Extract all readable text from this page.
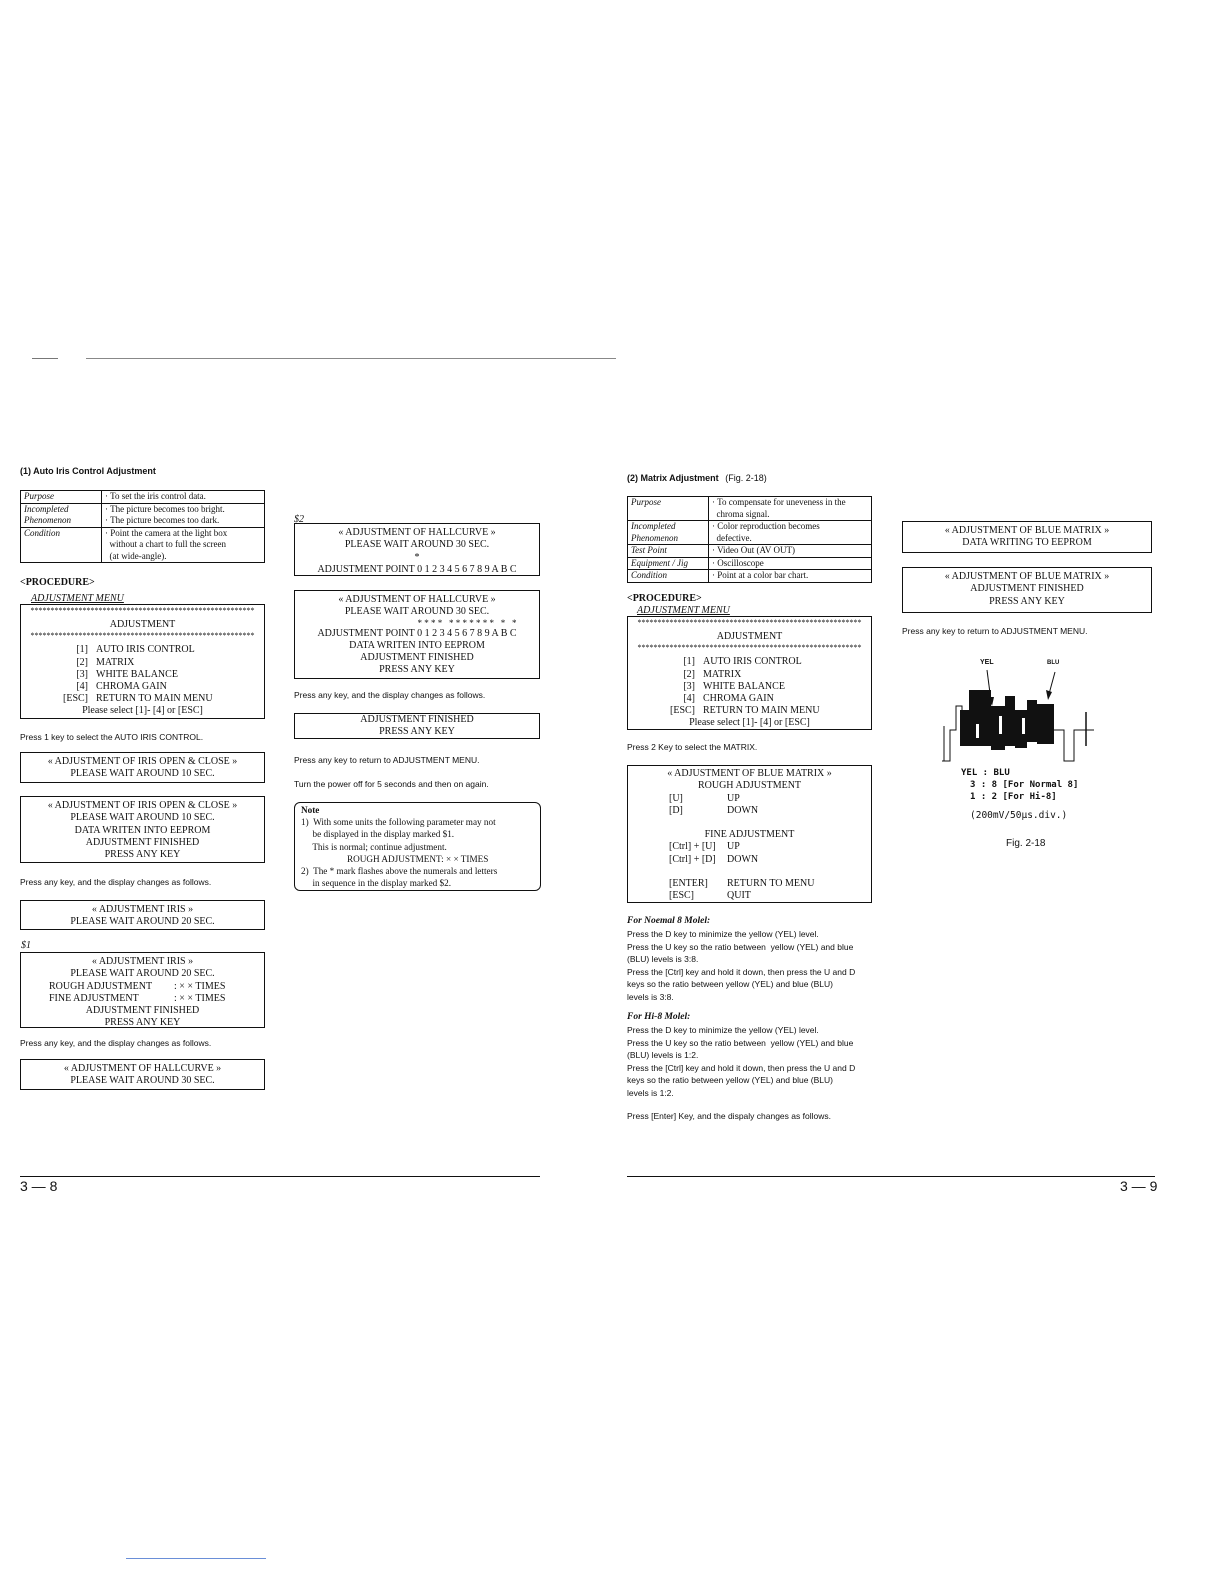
(1) Auto Iris Control Adjustment
Purpose	· To set the iris control data.
Incompleted
Phenomenon	· The picture becomes too bright.
· The picture becomes too dark.
Condition	· Point the camera at the light box
without a chart to full the screen
(at wide-angle).
<PROCEDURE>
ADJUSTMENT MENU
********************************************************
ADJUSTMENT
********************************************************
[1] AUTO IRIS CONTROL
[2] MATRIX
[3] WHITE BALANCE
[4] CHROMA GAIN
[ESC] RETURN TO MAIN MENU
Please select [1]- [4] or [ESC]
Press 1 key to select the AUTO IRIS CONTROL.
« ADJUSTMENT OF IRIS OPEN & CLOSE »
PLEASE WAIT AROUND 10 SEC.
« ADJUSTMENT OF IRIS OPEN & CLOSE »
PLEASE WAIT AROUND 10 SEC.
DATA WRITEN INTO EEPROM
ADJUSTMENT FINISHED
PRESS ANY KEY
Press any key, and the display changes as follows.
« ADJUSTMENT IRIS »
PLEASE WAIT AROUND 20 SEC.
$1
« ADJUSTMENT IRIS »
PLEASE WAIT AROUND 20 SEC.
ROUGH ADJUSTMENT	: × × TIMES
FINE ADJUSTMENT	: × × TIMES
ADJUSTMENT FINISHED
PRESS ANY KEY
Press any key, and the display changes as follows.
« ADJUSTMENT OF HALLCURVE »
PLEASE WAIT AROUND 30 SEC.
3 — 8
$2
« ADJUSTMENT OF HALLCURVE »
PLEASE WAIT AROUND 30 SEC.
*
ADJUSTMENT POINT 0 1 2 3 4 5 6 7 8 9 A B C
« ADJUSTMENT OF HALLCURVE »
PLEASE WAIT AROUND 30 SEC.
* * * *   * * * * * * *   *   *
ADJUSTMENT POINT 0 1 2 3 4 5 6 7 8 9 A B C
DATA WRITEN INTO EEPROM
ADJUSTMENT FINISHED
PRESS ANY KEY
Press any key, and the display changes as follows.
ADJUSTMENT FINISHED
PRESS ANY KEY
Press any key to return to ADJUSTMENT MENU.
Turn the power off for 5 seconds and then on again.
Note
1)  With some units the following parameter may not
be displayed in the display marked $1.
This is normal; continue adjustment.
ROUGH ADJUSTMENT: × × TIMES
2)  The * mark flashes above the numerals and letters
in sequence in the display marked $2.
(2) Matrix Adjustment (Fig. 2-18)
Purpose	· To compensate for uneveness in the
chroma signal.
Incompleted
Phenomenon	· Color reproduction becomes
defective.
Test Point	· Video Out (AV OUT)
Equipment / Jig	· Oscilloscope
Condition	· Point at a color bar chart.
<PROCEDURE>
ADJUSTMENT MENU
********************************************************
ADJUSTMENT
********************************************************
[1] AUTO IRIS CONTROL
[2] MATRIX
[3] WHITE BALANCE
[4] CHROMA GAIN
[ESC] RETURN TO MAIN MENU
Please select [1]- [4] or [ESC]
Press 2 Key to select the MATRIX.
« ADJUSTMENT OF BLUE MATRIX »
ROUGH ADJUSTMENT
[U]	UP
[D]	DOWN
FINE ADJUSTMENT
[Ctrl] + [U]	UP
[Ctrl] + [D]	DOWN
[ENTER]	RETURN TO MENU
[ESC]	QUIT
For Noemal 8 Molel:
Press the D key to minimize the yellow (YEL) level.
Press the U key so the ratio between  yellow (YEL) and blue
(BLU) levels is 3:8.
Press the [Ctrl] key and hold it down, then press the U and D
keys so the ratio between yellow (YEL) and blue (BLU)
levels is 3:8.
For Hi-8 Molel:
Press the D key to minimize the yellow (YEL) level.
Press the U key so the ratio between  yellow (YEL) and blue
(BLU) levels is 1:2.
Press the [Ctrl] key and hold it down, then press the U and D
keys so the ratio between yellow (YEL) and blue (BLU)
levels is 1:2.
Press [Enter] Key, and the dispaly changes as follows.
« ADJUSTMENT OF BLUE MATRIX »
DATA WRITING TO EEPROM
« ADJUSTMENT OF BLUE MATRIX »
ADJUSTMENT FINISHED
PRESS ANY KEY
Press any key to return to ADJUSTMENT MENU.
YEL	BLU
YEL : BLU
3 : 8 [For Normal 8]
1 : 2 [For Hi-8]
(200mV/50μs.div.)
Fig. 2-18
3 — 9
